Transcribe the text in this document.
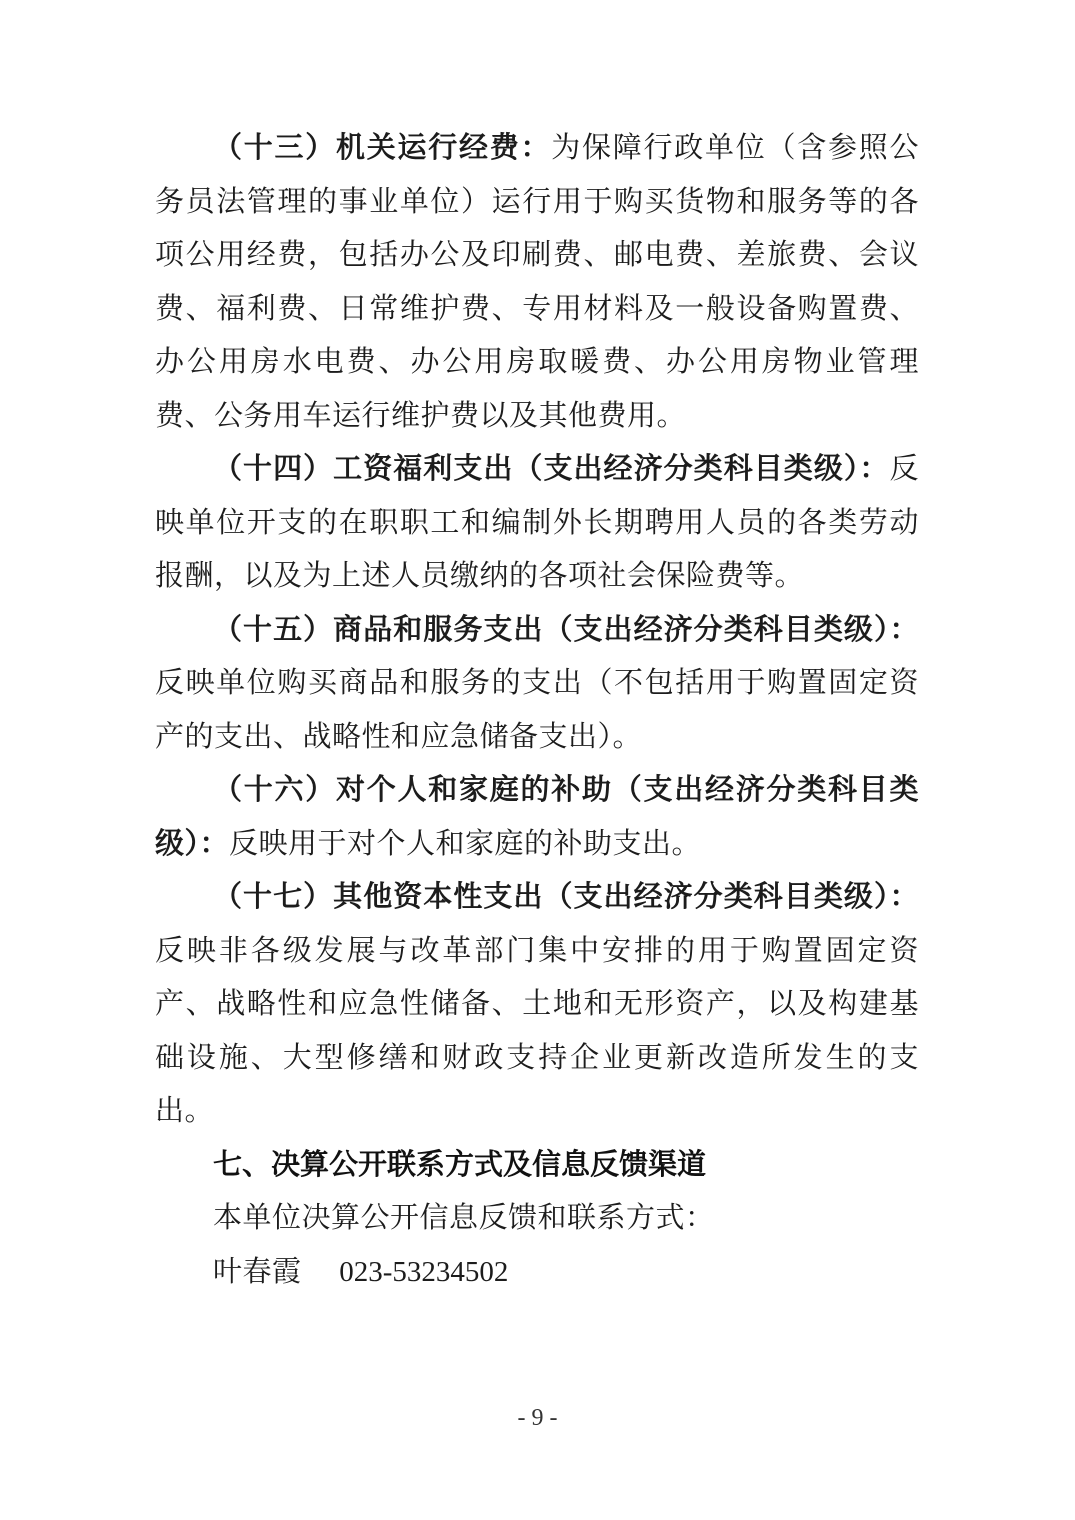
（十三）机关运行经费：为保障行政单位（含参照公务员法管理的事业单位）运行用于购买货物和服务等的各项公用经费，包括办公及印刷费、邮电费、差旅费、会议费、福利费、日常维护费、专用材料及一般设备购置费、办公用房水电费、办公用房取暖费、办公用房物业管理费、公务用车运行维护费以及其他费用。

（十四）工资福利支出（支出经济分类科目类级）：反映单位开支的在职职工和编制外长期聘用人员的各类劳动报酬，以及为上述人员缴纳的各项社会保险费等。

（十五）商品和服务支出（支出经济分类科目类级）：反映单位购买商品和服务的支出（不包括用于购置固定资产的支出、战略性和应急储备支出）。

（十六）对个人和家庭的补助（支出经济分类科目类级）：反映用于对个人和家庭的补助支出。

（十七）其他资本性支出（支出经济分类科目类级）：反映非各级发展与改革部门集中安排的用于购置固定资产、战略性和应急性储备、土地和无形资产，以及构建基础设施、大型修缮和财政支持企业更新改造所发生的支出。

七、决算公开联系方式及信息反馈渠道

本单位决算公开信息反馈和联系方式：

叶春霞 023-53234502

- 9 -
